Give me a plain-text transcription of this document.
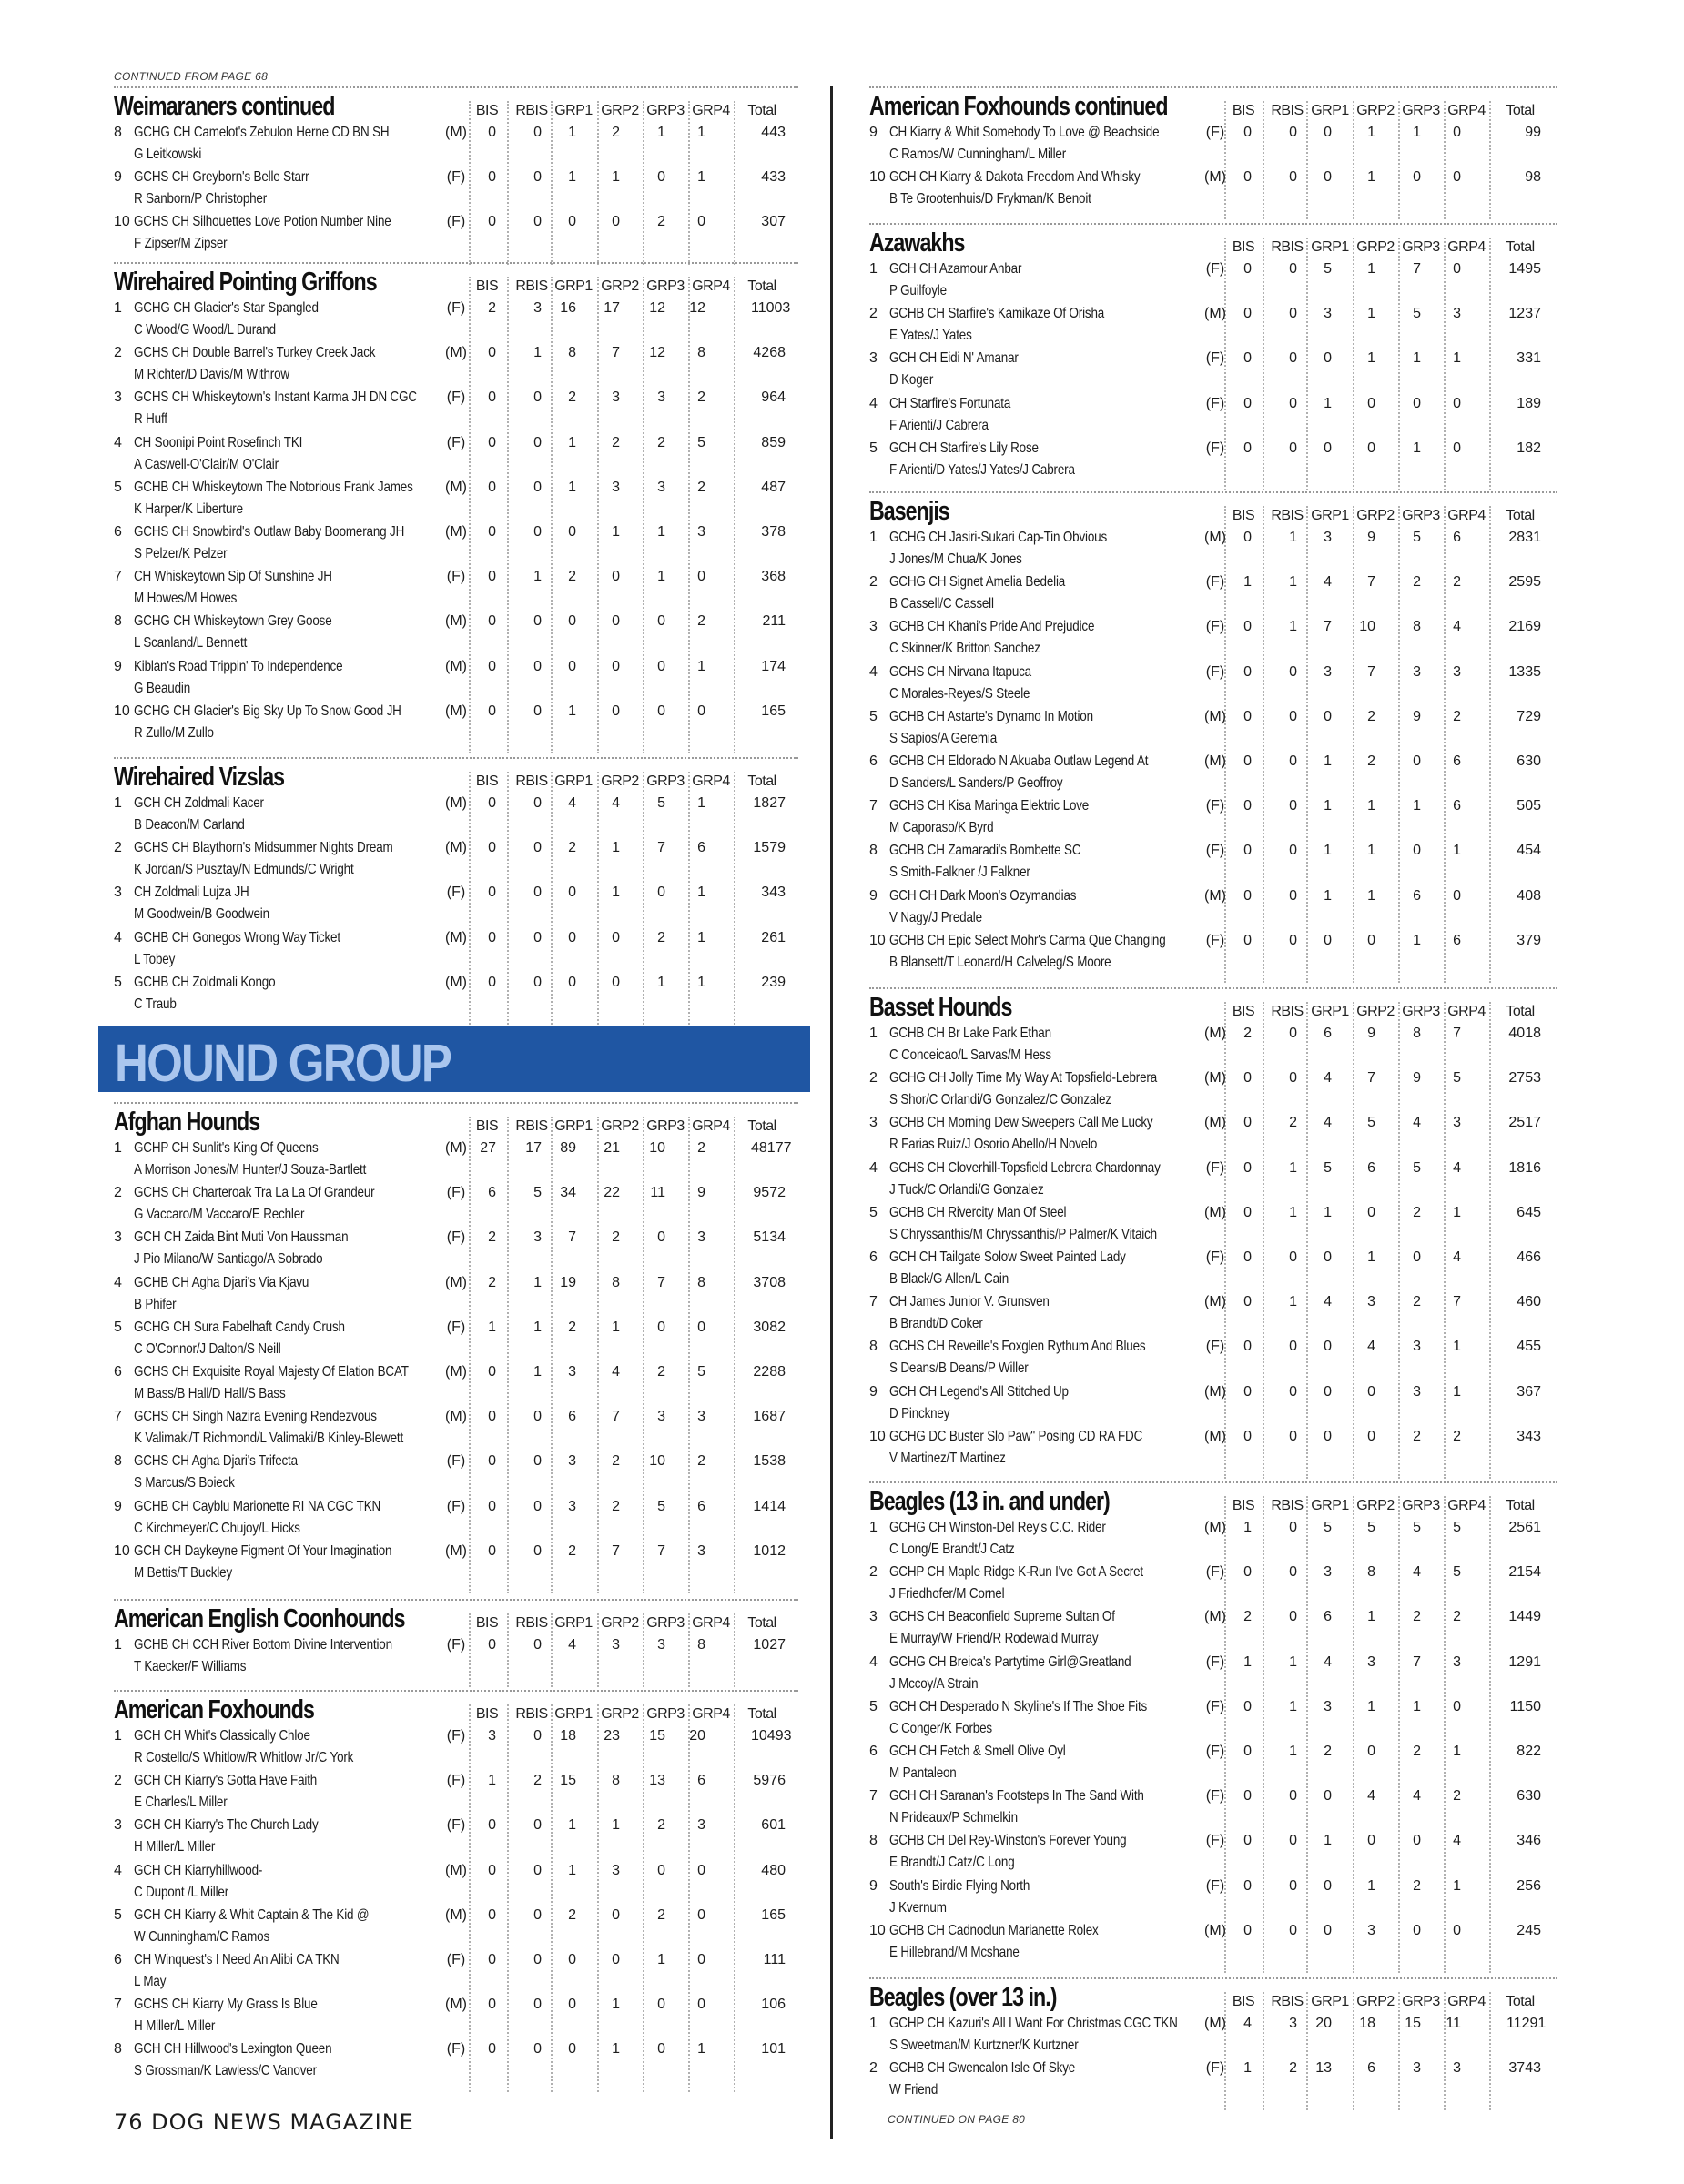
CONTINUED FROM PAGE 68
Weimaraners continued	BIS RBIS GRP1 GRP2 GRP3 GRP4 Total
8 GCHG CH Camelot's Zebulon Herne CD BN SH
G Leitkowski
(M)	0	0	1	2	1	1	443
9 GCHS CH Greyborn's Belle Starr
R Sanborn/P Christopher
(F)	0	0	1	1	0	1	433
10 GCHS CH Silhouettes Love Potion Number Nine
F Zipser/M Zipser
(F)	0	0	0	0	2	0	307
Wirehaired Pointing Griffons	BIS RBIS GRP1 GRP2 GRP3 GRP4 Total
1 GCHG CH Glacier's Star Spangled
C Wood/G Wood/L Durand
(F)	2	3	16	17	12	12	11003
2 GCHS CH Double Barrel's Turkey Creek Jack
M Richter/D Davis/M Withrow
(M)	0	1	8	7	12	8	4268
3 GCHS CH Whiskeytown's Instant Karma JH DN CGC
R Huff
(F)	0	0	2	3	3	2	964
4 CH Soonipi Point Rosefinch TKI
A Caswell-O'Clair/M O'Clair
(F)	0	0	1	2	2	5	859
5 GCHB CH Whiskeytown The Notorious Frank James
K Harper/K Liberture
(M)	0	0	1	3	3	2	487
6 GCHS CH Snowbird's Outlaw Baby Boomerang JH
S Pelzer/K Pelzer
(M)	0	0	0	1	1	3	378
7 CH Whiskeytown Sip Of Sunshine JH
M Howes/M Howes
(F)	0	1	2	0	1	0	368
8 GCHG CH Whiskeytown Grey Goose
L Scanland/L Bennett
(M)	0	0	0	0	0	2	211
9 Kiblan's Road Trippin' To Independence
G Beaudin
(M)	0	0	0	0	0	1	174
10 GCHG CH Glacier's Big Sky Up To Snow Good JH
R Zullo/M Zullo
(M)	0	0	1	0	0	0	165
Wirehaired Vizslas	BIS RBIS GRP1 GRP2 GRP3 GRP4 Total
1 GCH CH Zoldmali Kacer
B Deacon/M Carland
(M)	0	0	4	4	5	1	1827
2 GCHS CH Blaythorn's Midsummer Nights Dream
K Jordan/S Pusztay/N Edmunds/C Wright
(M)	0	0	2	1	7	6	1579
3 CH Zoldmali Lujza JH
M Goodwein/B Goodwein
(F)	0	0	0	1	0	1	343
4 GCHB CH Gonegos Wrong Way Ticket
L Tobey
(M)	0	0	0	0	2	1	261
5 GCHB CH Zoldmali Kongo
C Traub
(M)	0	0	0	0	1	1	239
Afghan Hounds	BIS RBIS GRP1 GRP2 GRP3 GRP4 Total
1 GCHP CH Sunlit's King Of Queens
A Morrison Jones/M Hunter/J Souza-Bartlett
(M) 27	17	89	21	10	2	48177
2 GCHS CH Charteroak Tra La La Of Grandeur
G Vaccaro/M Vaccaro/E Rechler
(F)	6	5	34	22	11	9	9572
3 GCH CH Zaida Bint Muti Von Haussman
J Pio Milano/W Santiago/A Sobrado
(F)	2	3	7	2	0	3	5134
4 GCHB CH Agha Djari's Via Kjavu
B Phifer
(M)	2	1	19	8	7	8	3708
5 GCHG CH Sura Fabelhaft Candy Crush
C O'Connor/J Dalton/S Neill
(F)	1	1	2	1	0	0	3082
6 GCHS CH Exquisite Royal Majesty Of Elation BCAT
M Bass/B Hall/D Hall/S Bass
(M)	0	1	3	4	2	5	2288
7 GCHS CH Singh Nazira Evening Rendezvous
K Valimaki/T Richmond/L Valimaki/B Kinley-Blewett
(M)	0	0	6	7	3	3	1687
8 GCHS CH Agha Djari's Trifecta
S Marcus/S Boieck
(F)	0	0	3	2	10	2	1538
9 GCHB CH Cayblu Marionette RI NA CGC TKN
C Kirchmeyer/C Chujoy/L Hicks
(F)	0	0	3	2	5	6	1414
10 GCH CH Daykeyne Figment Of Your Imagination
M Bettis/T Buckley
(M)	0	0	2	7	7	3	1012
American English Coonhounds	BIS RBIS GRP1 GRP2 GRP3 GRP4 Total
1 GCHB CH CCH River Bottom Divine Intervention
T Kaecker/F Williams
(F)	0	0	4	3	3	8	1027
American Foxhounds	BIS RBIS GRP1 GRP2 GRP3 GRP4 Total
1 GCH CH Whit's Classically Chloe
R Costello/S Whitlow/R Whitlow Jr/C York
(F)	3	0	18	23	15	20	10493
2 GCH CH Kiarry's Gotta Have Faith
E Charles/L Miller
(F)	1	2	15	8	13	6	5976
3 GCH CH Kiarry's The Church Lady
H Miller/L Miller
(F)	0	0	1	1	2	3	601
4 GCH CH Kiarryhillwood-
C Dupont /L Miller
(M)	0	0	1	3	0	0	480
5 GCH CH Kiarry & Whit Captain & The Kid @
W Cunningham/C Ramos
(M)	0	0	2	0	2	0	165
6 CH Winquest's I Need An Alibi CA TKN
L May
(F)	0	0	0	0	1	0	111
7 GCHS CH Kiarry My Grass Is Blue
H Miller/L Miller
(M)	0	0	0	1	0	0	106
8 GCH CH Hillwood's Lexington Queen
S Grossman/K Lawless/C Vanover
(F)	0	0	0	1	0	1	101
American Foxhounds continued	BIS RBIS GRP1 GRP2 GRP3 GRP4 Total
9 CH Kiarry & Whit Somebody To Love @ Beachside
C Ramos/W Cunningham/L Miller
(F)	0	0	0	1	1	0	99
10 GCH CH Kiarry & Dakota Freedom And Whisky
B Te Grootenhuis/D Frykman/K Benoit
(M)	0	0	0	1	0	0	98
Azawakhs	BIS RBIS GRP1 GRP2 GRP3 GRP4 Total
1 GCH CH Azamour Anbar
P Guilfoyle
(F)	0	0	5	1	7	0	1495
2 GCHB CH Starfire's Kamikaze Of Orisha
E Yates/J Yates
(M)	0	0	3	1	5	3	1237
3 GCH CH Eidi N' Amanar
D Koger
(F)	0	0	0	1	1	1	331
4 CH Starfire's Fortunata
F Arienti/J Cabrera
(F)	0	0	1	0	0	0	189
5 GCH CH Starfire's Lily Rose
F Arienti/D Yates/J Yates/J Cabrera
(F)	0	0	0	0	1	0	182
Basenjis	BIS RBIS GRP1 GRP2 GRP3 GRP4 Total
1 GCHG CH Jasiri-Sukari Cap-Tin Obvious
J Jones/M Chua/K Jones
(M)	0	1	3	9	5	6	2831
2 GCHG CH Signet Amelia Bedelia
B Cassell/C Cassell
(F)	1	1	4	7	2	2	2595
3 GCHB CH Khani's Pride And Prejudice
C Skinner/K Britton Sanchez
(F)	0	1	7	10	8	4	2169
4 GCHS CH Nirvana Itapuca
C Morales-Reyes/S Steele
(F)	0	0	3	7	3	3	1335
5 GCHB CH Astarte's Dynamo In Motion
S Sapios/A Geremia
(M)	0	0	0	2	9	2	729
6 GCHB CH Eldorado N Akuaba Outlaw Legend At
D Sanders/L Sanders/P Geoffroy
(M)	0	0	1	2	0	6	630
7 GCHS CH Kisa Maringa Elektric Love
M Caporaso/K Byrd
(F)	0	0	1	1	1	6	505
8 GCHB CH Zamaradi's Bombette SC
S Smith-Falkner /J Falkner
(F)	0	0	1	1	0	1	454
9 GCH CH Dark Moon's Ozymandias
V Nagy/J Predale
(M)	0	0	1	1	6	0	408
10 GCHB CH Epic Select Mohr's Carma Que Changing
B Blansett/T Leonard/H Calveleg/S Moore
(F)	0	0	0	0	1	6	379
Basset Hounds	BIS RBIS GRP1 GRP2 GRP3 GRP4 Total
1 GCHB CH Br Lake Park Ethan
C Conceicao/L Sarvas/M Hess
(M)	2	0	6	9	8	7	4018
2 GCHG CH Jolly Time My Way At Topsfield-Lebrera
S Shor/C Orlandi/G Gonzalez/C Gonzalez
(M)	0	0	4	7	9	5	2753
3 GCHB CH Morning Dew Sweepers Call Me Lucky
R Farias Ruiz/J Osorio Abello/H Novelo
(M)	0	2	4	5	4	3	2517
4 GCHS CH Cloverhill-Topsfield Lebrera Chardonnay
J Tuck/C Orlandi/G Gonzalez
(F)	0	1	5	6	5	4	1816
5 GCHB CH Rivercity Man Of Steel
S Chryssanthis/M Chryssanthis/P Palmer/K Vitaich
(M)	0	1	1	0	2	1	645
6 GCH CH Tailgate Solow Sweet Painted Lady
B Black/G Allen/L Cain
(F)	0	0	0	1	0	4	466
7 CH James Junior V. Grunsven
B Brandt/D Coker
(M)	0	1	4	3	2	7	460
8 GCHS CH Reveille's Foxglen Rythum And Blues
S Deans/B Deans/P Willer
(F)	0	0	0	4	3	1	455
9 GCH CH Legend's All Stitched Up
D Pinckney
(M)	0	0	0	0	3	1	367
10 GCHG DC Buster Slo Paw" Posing CD RA FDC
V Martinez/T Martinez
(M)	0	0	0	0	2	2	343
Beagles (13 in. and under)	BIS RBIS GRP1 GRP2 GRP3 GRP4 Total
1 GCHG CH Winston-Del Rey's C.C. Rider
C Long/E Brandt/J Catz
(M)	1	0	5	5	5	5	2561
2 GCHP CH Maple Ridge K-Run I've Got A Secret
J Friedhofer/M Cornel
(F)	0	0	3	8	4	5	2154
3 GCHS CH Beaconfield Supreme Sultan Of
E Murray/W Friend/R Rodewald Murray
(M)	2	0	6	1	2	2	1449
4 GCHG CH Breica's Partytime Girl@Greatland
J Mccoy/A Strain
(F)	1	1	4	3	7	3	1291
5 GCH CH Desperado N Skyline's If The Shoe Fits
C Conger/K Forbes
(F)	0	1	3	1	1	0	1150
6 GCH CH Fetch & Smell Olive Oyl
M Pantaleon
(F)	0	1	2	0	2	1	822
7 GCH CH Saranan's Footsteps In The Sand With
N Prideaux/P Schmelkin
(F)	0	0	0	4	4	2	630
8 GCHB CH Del Rey-Winston's Forever Young
E Brandt/J Catz/C Long
(F)	0	0	1	0	0	4	346
9 South's Birdie Flying North
J Kvernum
(F)	0	0	0	1	2	1	256
10 GCHB CH Cadnoclun Marianette Rolex
E Hillebrand/M Mcshane
(M)	0	0	0	3	0	0	245
Beagles (over 13 in.)	BIS RBIS GRP1 GRP2 GRP3 GRP4 Total
1 GCHP CH Kazuri's All I Want For Christmas CGC TKN
S Sweetman/M Kurtzner/K Kurtzner
(M)	4	3	20	18	15	11	11291
2 GCHB CH Gwencalon Isle Of Skye
W Friend
(F)	1	2	13	6	3	3	3743
HOUND GROUP
76 DOG NEWS MAGAZINE	CONTINUED ON PAGE 80
